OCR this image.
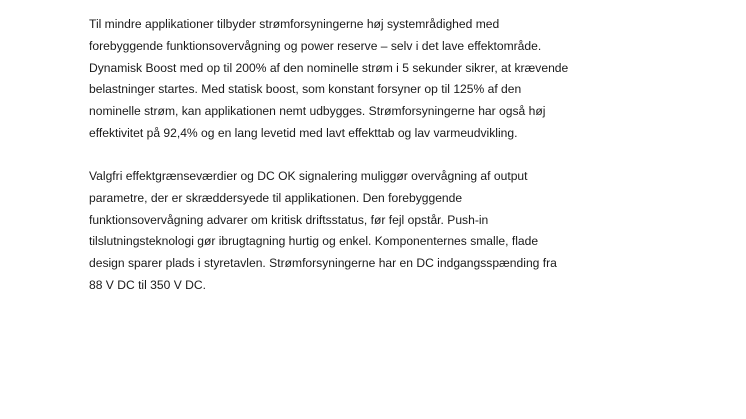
Til mindre applikationer tilbyder strømforsyningerne høj systemrådighed med
forebyggende funktionsovervågning og power reserve – selv i det lave effektområde.
Dynamisk Boost med op til 200% af den nominelle strøm i 5 sekunder sikrer, at krævende
belastninger startes. Med statisk boost, som konstant forsyner op til 125% af den
nominelle strøm, kan applikationen nemt udbygges. Strømforsyningerne har også høj
effektivitet på 92,4% og en lang levetid med lavt effekttab og lav varmeudvikling.

Valgfri effektgrænseværdier og DC OK signalering muliggør overvågning af output
parametre, der er skræddersyede til applikationen. Den forebyggende
funktionsovervågning advarer om kritisk driftsstatus, før fejl opstår. Push-in
tilslutningsteknologi gør ibrugtagning hurtig og enkel. Komponenternes smalle, flade
design sparer plads i styretavlen. Strømforsyningerne har en DC indgangsspænding fra
88 V DC til 350 V DC.
